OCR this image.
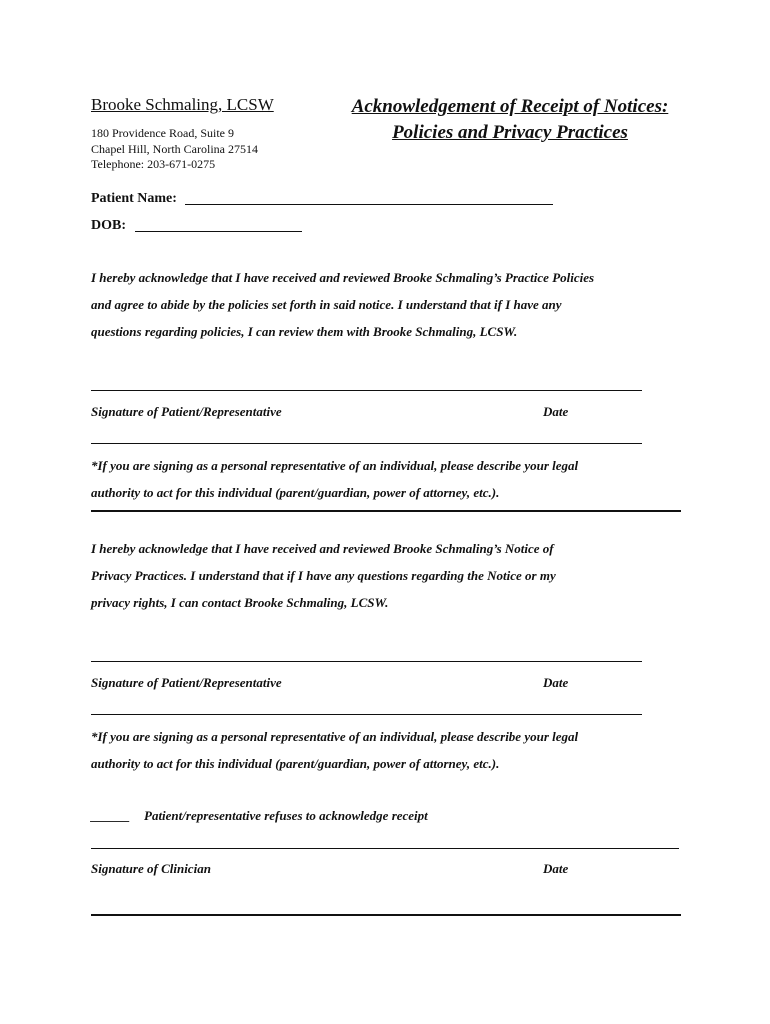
Brooke Schmaling, LCSW
180 Providence Road, Suite 9
Chapel Hill, North Carolina 27514
Telephone: 203-671-0275
Acknowledgement of Receipt of Notices:
Policies and Privacy Practices
Patient Name:
DOB:
I hereby acknowledge that I have received and reviewed Brooke Schmaling’s Practice Policies
and agree to abide by the policies set forth in said notice. I understand that if I have any
questions regarding policies, I can review them with Brooke Schmaling, LCSW.
Signature of Patient/Representative	Date
*If you are signing as a personal representative of an individual, please describe your legal
authority to act for this individual (parent/guardian, power of attorney, etc.).
I hereby acknowledge that I have received and reviewed Brooke Schmaling’s Notice of
Privacy Practices. I understand that if I have any questions regarding the Notice or my
privacy rights, I can contact Brooke Schmaling, LCSW.
Signature of Patient/Representative	Date
*If you are signing as a personal representative of an individual, please describe your legal
authority to act for this individual (parent/guardian, power of attorney, etc.).
______ Patient/representative refuses to acknowledge receipt
Signature of Clinician	Date
